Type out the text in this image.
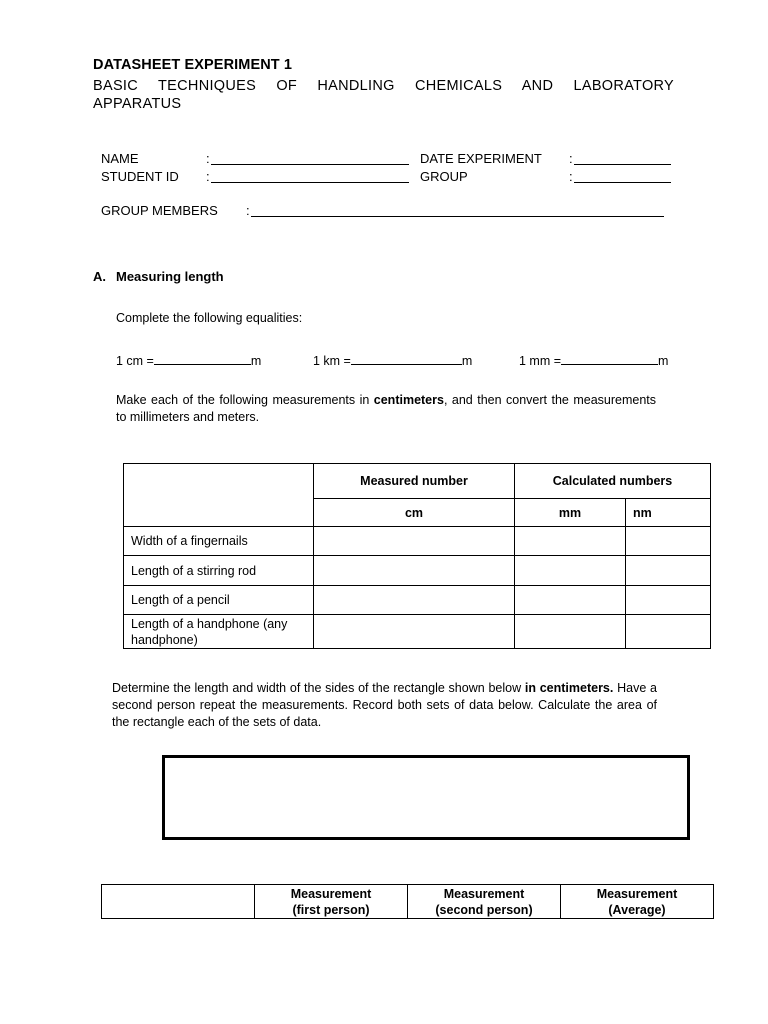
DATASHEET EXPERIMENT 1
BASIC TECHNIQUES OF HANDLING CHEMICALS AND LABORATORY
APPARATUS
NAME	:	DATE EXPERIMENT :
STUDENT ID :	GROUP	:
GROUP MEMBERS :
A. Measuring length
Complete the following equalities:
1 cm =	m	1 km =	m	1 mm =	m
Make each of the following measurements in centimeters, and then convert the measurements to millimeters and meters.
	Measured number	Calculated numbers	
	cm	mm	nm
Width of a fingernails			
Length of a stirring rod			
Length of a pencil			
Length of a handphone (any handphone)			
Determine the length and width of the sides of the rectangle shown below in centimeters. Have a second person repeat the measurements. Record both sets of data below. Calculate the area of the rectangle each of the sets of data.
	Measurement
(first person)	Measurement
(second person)	Measurement
(Average)
